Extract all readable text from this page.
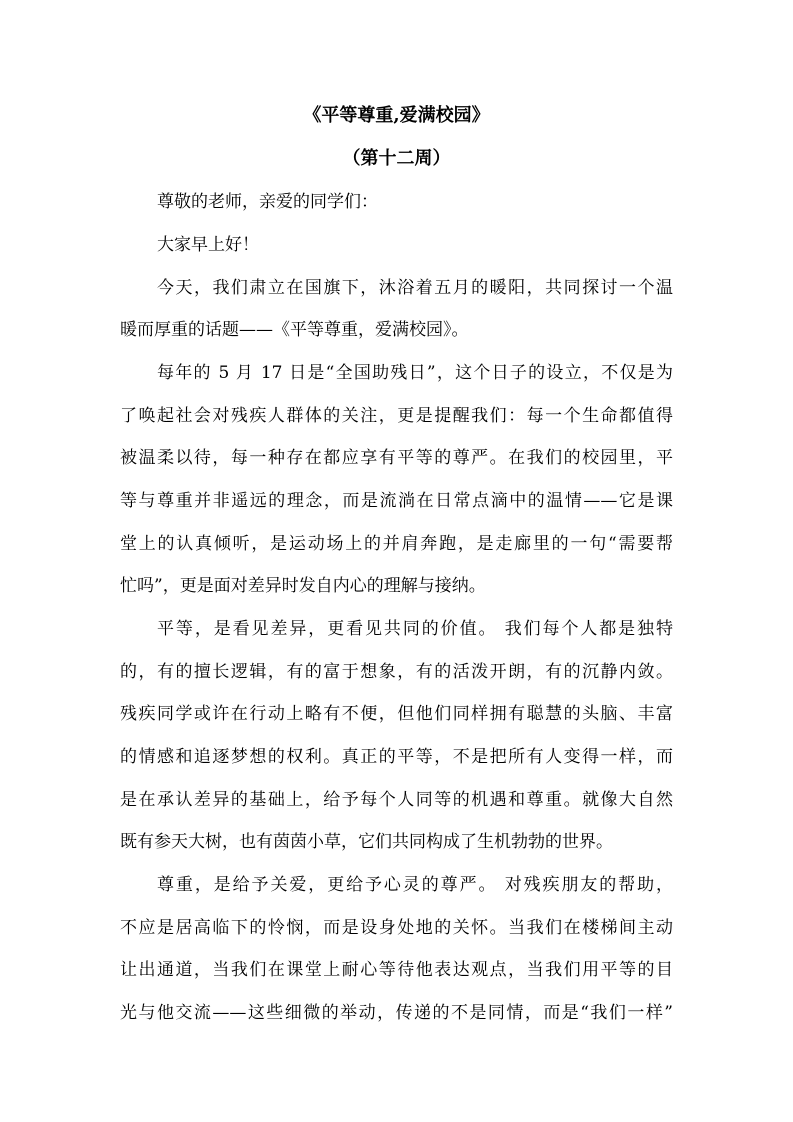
《平等尊重,爱满校园》
（第十二周）
尊敬的老师，亲爱的同学们：
大家早上好！
今天，我们肃立在国旗下，沐浴着五月的暖阳，共同探讨一个温
暖而厚重的话题——《平等尊重，爱满校园》。
每年的 5 月 17 日是“全国助残日”，这个日子的设立，不仅是为
了唤起社会对残疾人群体的关注，更是提醒我们：每一个生命都值得
被温柔以待，每一种存在都应享有平等的尊严。在我们的校园里，平
等与尊重并非遥远的理念，而是流淌在日常点滴中的温情——它是课
堂上的认真倾听，是运动场上的并肩奔跑，是走廊里的一句“需要帮
忙吗”，更是面对差异时发自内心的理解与接纳。
平等，是看见差异，更看见共同的价值。 我们每个人都是独特
的，有的擅长逻辑，有的富于想象，有的活泼开朗，有的沉静内敛。
残疾同学或许在行动上略有不便，但他们同样拥有聪慧的头脑、丰富
的情感和追逐梦想的权利。真正的平等，不是把所有人变得一样，而
是在承认差异的基础上，给予每个人同等的机遇和尊重。就像大自然
既有参天大树，也有茵茵小草，它们共同构成了生机勃勃的世界。
尊重，是给予关爱，更给予心灵的尊严。 对残疾朋友的帮助，
不应是居高临下的怜悯，而是设身处地的关怀。当我们在楼梯间主动
让出通道，当我们在课堂上耐心等待他表达观点，当我们用平等的目
光与他交流——这些细微的举动，传递的不是同情，而是“我们一样”
